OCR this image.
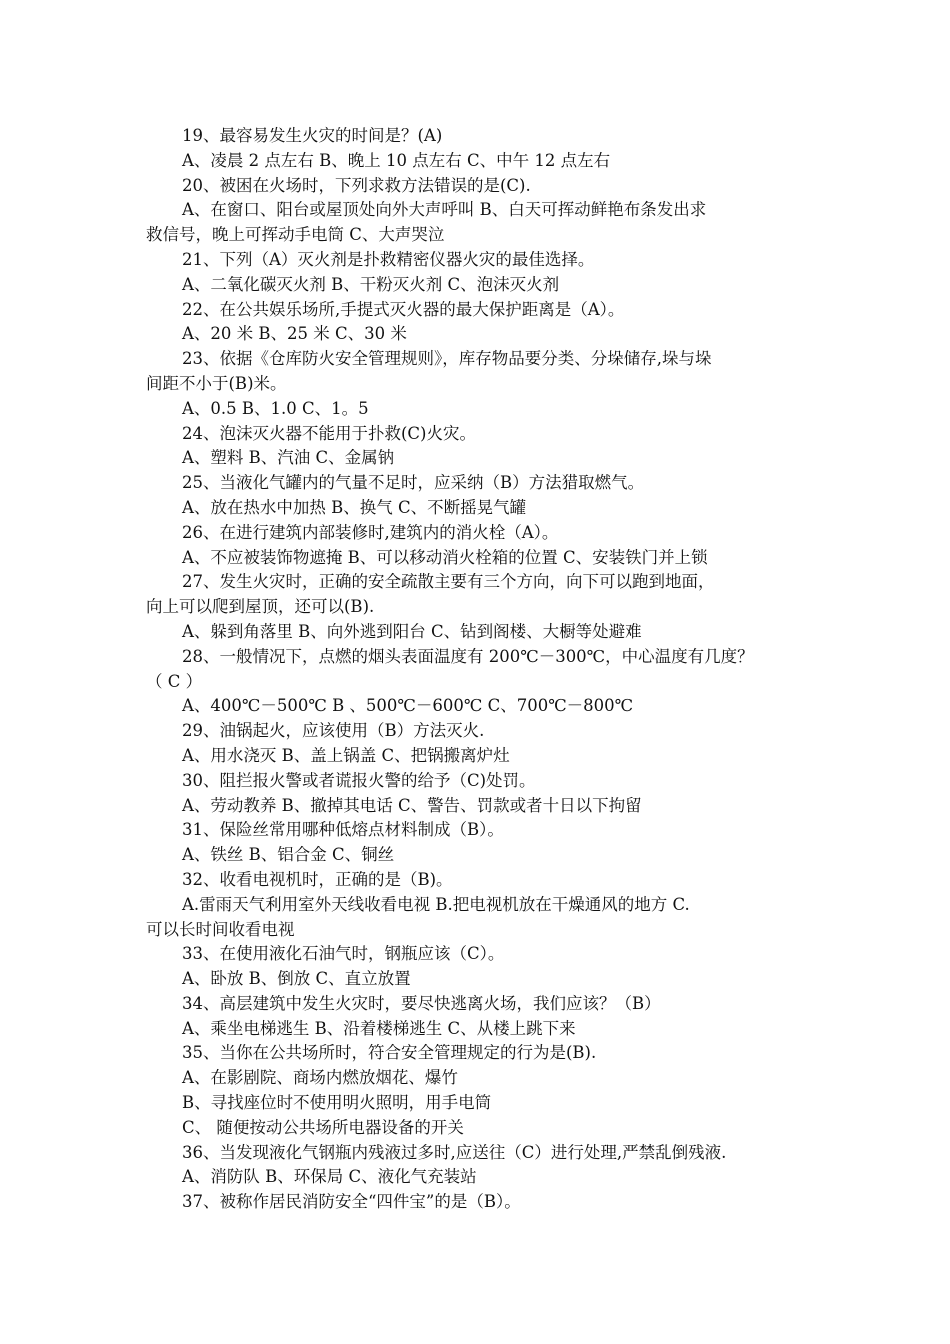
19、最容易发生火灾的时间是？(A)
A、凌晨 2 点左右 B、晚上 10 点左右 C、中午 12 点左右
20、被困在火场时，下列求救方法错误的是(C).
A、在窗口、阳台或屋顶处向外大声呼叫 B、白天可挥动鲜艳布条发出求
救信号，晚上可挥动手电筒 C、大声哭泣
21、下列（A）灭火剂是扑救精密仪器火灾的最佳选择。
A、二氧化碳灭火剂 B、干粉灭火剂 C、泡沫灭火剂
22、在公共娱乐场所,手提式灭火器的最大保护距离是（A）。
A、20 米 B、25 米 C、30 米
23、依据《仓库防火安全管理规则》，库存物品要分类、分垛储存,垛与垛
间距不小于(B)米。
A、0.5 B、1.0 C、1。5
24、泡沫灭火器不能用于扑救(C)火灾。
A、塑料 B、汽油 C、金属钠
25、当液化气罐内的气量不足时，应采纳（B）方法猎取燃气。
A、放在热水中加热 B、换气 C、不断摇晃气罐
26、在进行建筑内部装修时,建筑内的消火栓（A）。
A、不应被装饰物遮掩 B、可以移动消火栓箱的位置 C、安装铁门并上锁
27、发生火灾时，正确的安全疏散主要有三个方向，向下可以跑到地面，
向上可以爬到屋顶，还可以(B).
A、躲到角落里 B、向外逃到阳台 C、钻到阁楼、大橱等处避难
28、一般情况下，点燃的烟头表面温度有 200℃－300℃，中心温度有几度？
（ C ）
A、400℃－500℃ B 、500℃－600℃ C、700℃－800℃
29、油锅起火，应该使用（B）方法灭火.
A、用水浇灭 B、盖上锅盖 C、把锅搬离炉灶
30、阻拦报火警或者谎报火警的给予（C)处罚。
A、劳动教养 B、撤掉其电话 C、警告、罚款或者十日以下拘留
31、保险丝常用哪种低熔点材料制成（B）。
A、铁丝 B、铝合金 C、铜丝
32、收看电视机时，正确的是（B)。
A.雷雨天气利用室外天线收看电视 B.把电视机放在干燥通风的地方 C.
可以长时间收看电视
33、在使用液化石油气时，钢瓶应该（C）。
A、卧放 B、倒放 C、直立放置
34、高层建筑中发生火灾时，要尽快逃离火场，我们应该？（B）
A、乘坐电梯逃生 B、沿着楼梯逃生 C、从楼上跳下来
35、当你在公共场所时，符合安全管理规定的行为是(B).
A、在影剧院、商场内燃放烟花、爆竹
B、寻找座位时不使用明火照明，用手电筒
C、 随便按动公共场所电器设备的开关
36、当发现液化气钢瓶内残液过多时,应送往（C）进行处理,严禁乱倒残液.
A、消防队 B、环保局 C、液化气充装站
37、被称作居民消防安全“四件宝”的是（B）。
